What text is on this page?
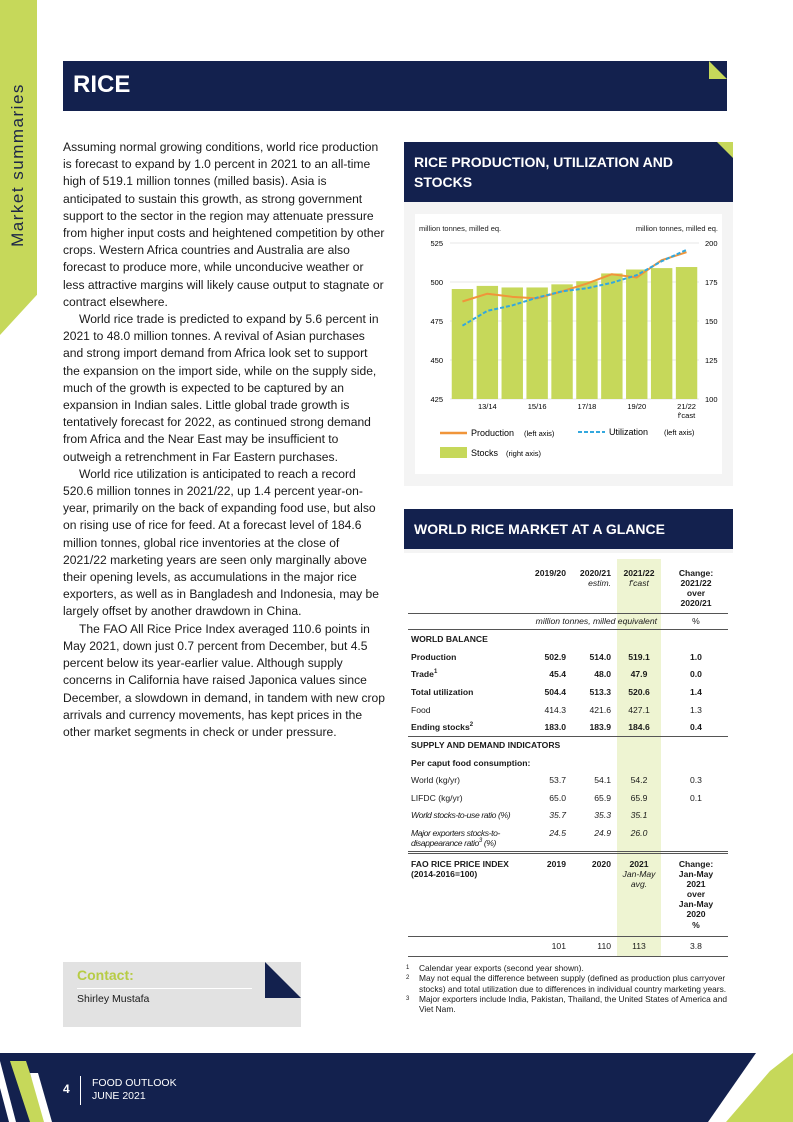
Market summaries RICE

Assuming normal growing conditions, world rice production is forecast to expand by 1.0 percent in 2021 to an all-time high of 519.1 million tonnes (milled basis). Asia is anticipated to sustain this growth, as strong government support to the sector in the region may attenuate pressure from higher input costs and heightened competition by other crops. Western Africa countries and Australia are also forecast to produce more, while unconducive weather or less attractive margins will likely cause output to stagnate or contract elsewhere.

World rice trade is predicted to expand by 5.6 percent in 2021 to 48.0 million tonnes. A revival of Asian purchases and strong import demand from Africa look set to support the expansion on the import side, while on the supply side, much of the growth is expected to be captured by an expansion in Indian sales. Little global trade growth is tentatively forecast for 2022, as continued strong demand from Africa and the Near East may be insufficient to outweigh a retrenchment in Far Eastern purchases.

World rice utilization is anticipated to reach a record 520.6 million tonnes in 2021/22, up 1.4 percent year-on-year, primarily on the back of expanding food use, but also on rising use of rice for feed. At a forecast level of 184.6 million tonnes, global rice inventories at the close of 2021/22 marketing years are seen only marginally above their opening levels, as accumulations in the major rice exporters, as well as in Bangladesh and Indonesia, may be largely offset by another drawdown in China.

The FAO All Rice Price Index averaged 110.6 points in May 2021, down just 0.7 percent from December, but 4.5 percent below its year-earlier value. Although supply concerns in California have raised Japonica values since December, a slowdown in demand, in tandem with new crop arrivals and currency movements, has kept prices in the other market segments in check or under pressure.

RICE PRODUCTION, UTILIZATION AND STOCKS
million tonnes, milled eq.	million tonnes, milled eq.
525
500
475
450
425
200
175
150
125
100
13/14	15/16	17/18	19/20	21/22
f'cast
Production (left axis)	Utilization (left axis)
Stocks (right axis)
WORLD RICE MARKET AT A GLANCE
2019/20	2020/21
estim.
2021/22
f'cast
Change:
2021/22
over
2020/21
million tonnes, milled equivalent	%
WORLD BALANCE
Production	502.9	514.0	519.1	1.0
Trade$^1$	45.4	48.0	47.9	0.0
Total utilization	504.4	513.3	520.6	1.4
Food	414.3	421.6	427.1	1.3
Ending stocks$^2$	183.0	183.9	184.6	0.4
SUPPLY AND DEMAND INDICATORS
Per caput food consumption:
World (kg/yr)	53.7	54.1	54.2	0.3
LIFDC (kg/yr)	65.0	65.9	65.9	0.1
World stocks-to-use ratio (%)	35.7	35.3	35.1
Major exporters stocks-to-
disappearance ratio$^3$ (%)
24.5	24.9	26.0
FAO RICE PRICE INDEX
(2014-2016=100)
2019	2020	2021
Jan-May
avg.
Change:
Jan-May
2021
over
Jan-May
2020
%
101	110	113	3.8
1 Calendar year exports (second year shown).
2 May not equal the difference between supply (defined as production plus carryover stocks) and total utilization due to differences in individual country marketing years.
3 Major exporters include India, Pakistan, Thailand, the United States of America and Viet Nam.
Contact:
Shirley Mustafa
4 FOOD OUTLOOK
JUNE 2021
